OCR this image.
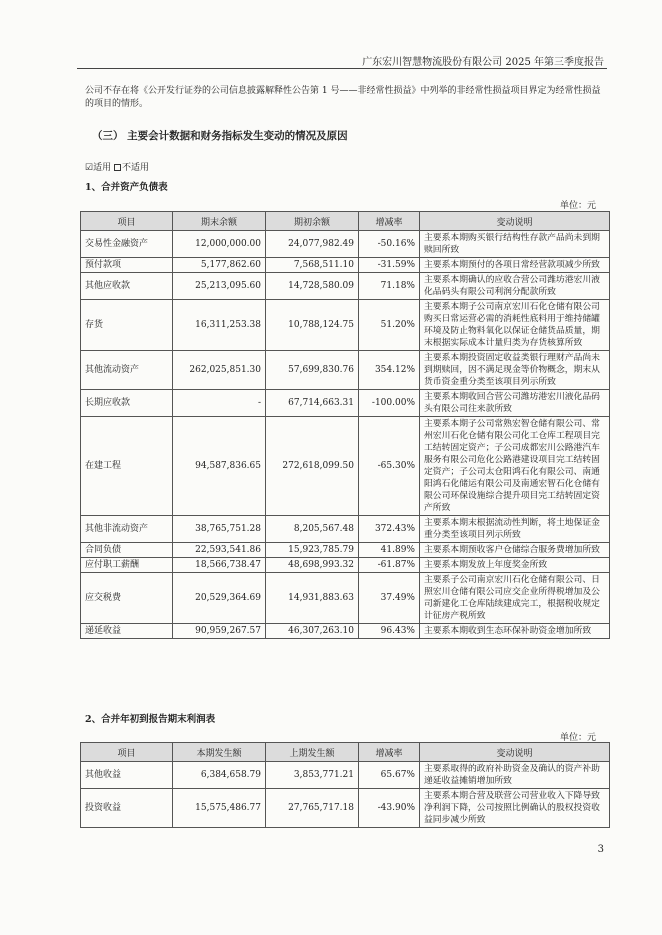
广东宏川智慧物流股份有限公司 2025 年第三季度报告
公司不存在将《公开发行证券的公司信息披露解释性公告第 1 号——非经常性损益》中列举的非经常性损益项目界定为经常性损益的项目的情形。
（三） 主要会计数据和财务指标发生变动的情况及原因
☑适用 不适用
1、合并资产负债表
单位：元
项目	期末余额	期初余额	增减率	变动说明
交易性金融资产	12,000,000.00	24,077,982.49	-50.16%	主要系本期购买银行结构性存款产品尚未到期赎回所致
预付款项	5,177,862.60	7,568,511.10	-31.59%	主要系本期预付的各项日常经营款项减少所致
其他应收款	25,213,095.60	14,728,580.09	71.18%	主要系本期确认的应收合营公司潍坊港宏川液化品码头有限公司利润分配款所致
存货	16,311,253.38	10,788,124.75	51.20%	主要系本期子公司南京宏川石化仓储有限公司购买日常运营必需的消耗性底料用于维持储罐环境及防止物料氧化以保证仓储货品质量，期末根据实际成本计量归类为存货核算所致
其他流动资产	262,025,851.30	57,699,830.76	354.12%	主要系本期投资固定收益类银行理财产品尚未到期赎回，因不满足现金等价物概念，期末从货币资金重分类至该项目列示所致
长期应收款	-	67,714,663.31	-100.00%	主要系本期收回合营公司潍坊港宏川液化品码头有限公司往来款所致
在建工程	94,587,836.65	272,618,099.50	-65.30%	主要系本期子公司常熟宏智仓储有限公司、常州宏川石化仓储有限公司化工仓库工程项目完工结转固定资产；子公司成都宏川公路港汽车服务有限公司危化公路港建设项目完工结转固定资产；子公司太仓阳鸿石化有限公司、南通阳鸿石化储运有限公司及南通宏智石化仓储有限公司环保设施综合提升项目完工结转固定资产所致
其他非流动资产	38,765,751.28	8,205,567.48	372.43%	主要系本期末根据流动性判断，将土地保证金重分类至该项目列示所致
合同负债	22,593,541.86	15,923,785.79	41.89%	主要系本期预收客户仓储综合服务费增加所致
应付职工薪酬	18,566,738.47	48,698,993.32	-61.87%	主要系本期发放上年度奖金所致
应交税费	20,529,364.69	14,931,883.63	37.49%	主要系子公司南京宏川石化仓储有限公司、日照宏川仓储有限公司应交企业所得税增加及公司新建化工仓库陆续建成完工，根据税收规定计征房产税所致
递延收益	90,959,267.57	46,307,263.10	96.43%	主要系本期收到生态环保补助资金增加所致
2、合并年初到报告期末利润表
单位：元
项目	本期发生额	上期发生额	增减率	变动说明
其他收益	6,384,658.79	3,853,771.21	65.67%	主要系取得的政府补助资金及确认的资产补助递延收益摊销增加所致
投资收益	15,575,486.77	27,765,717.18	-43.90%	主要系本期合营及联营公司营业收入下降导致净利润下降，公司按照比例确认的股权投资收益同步减少所致
3
